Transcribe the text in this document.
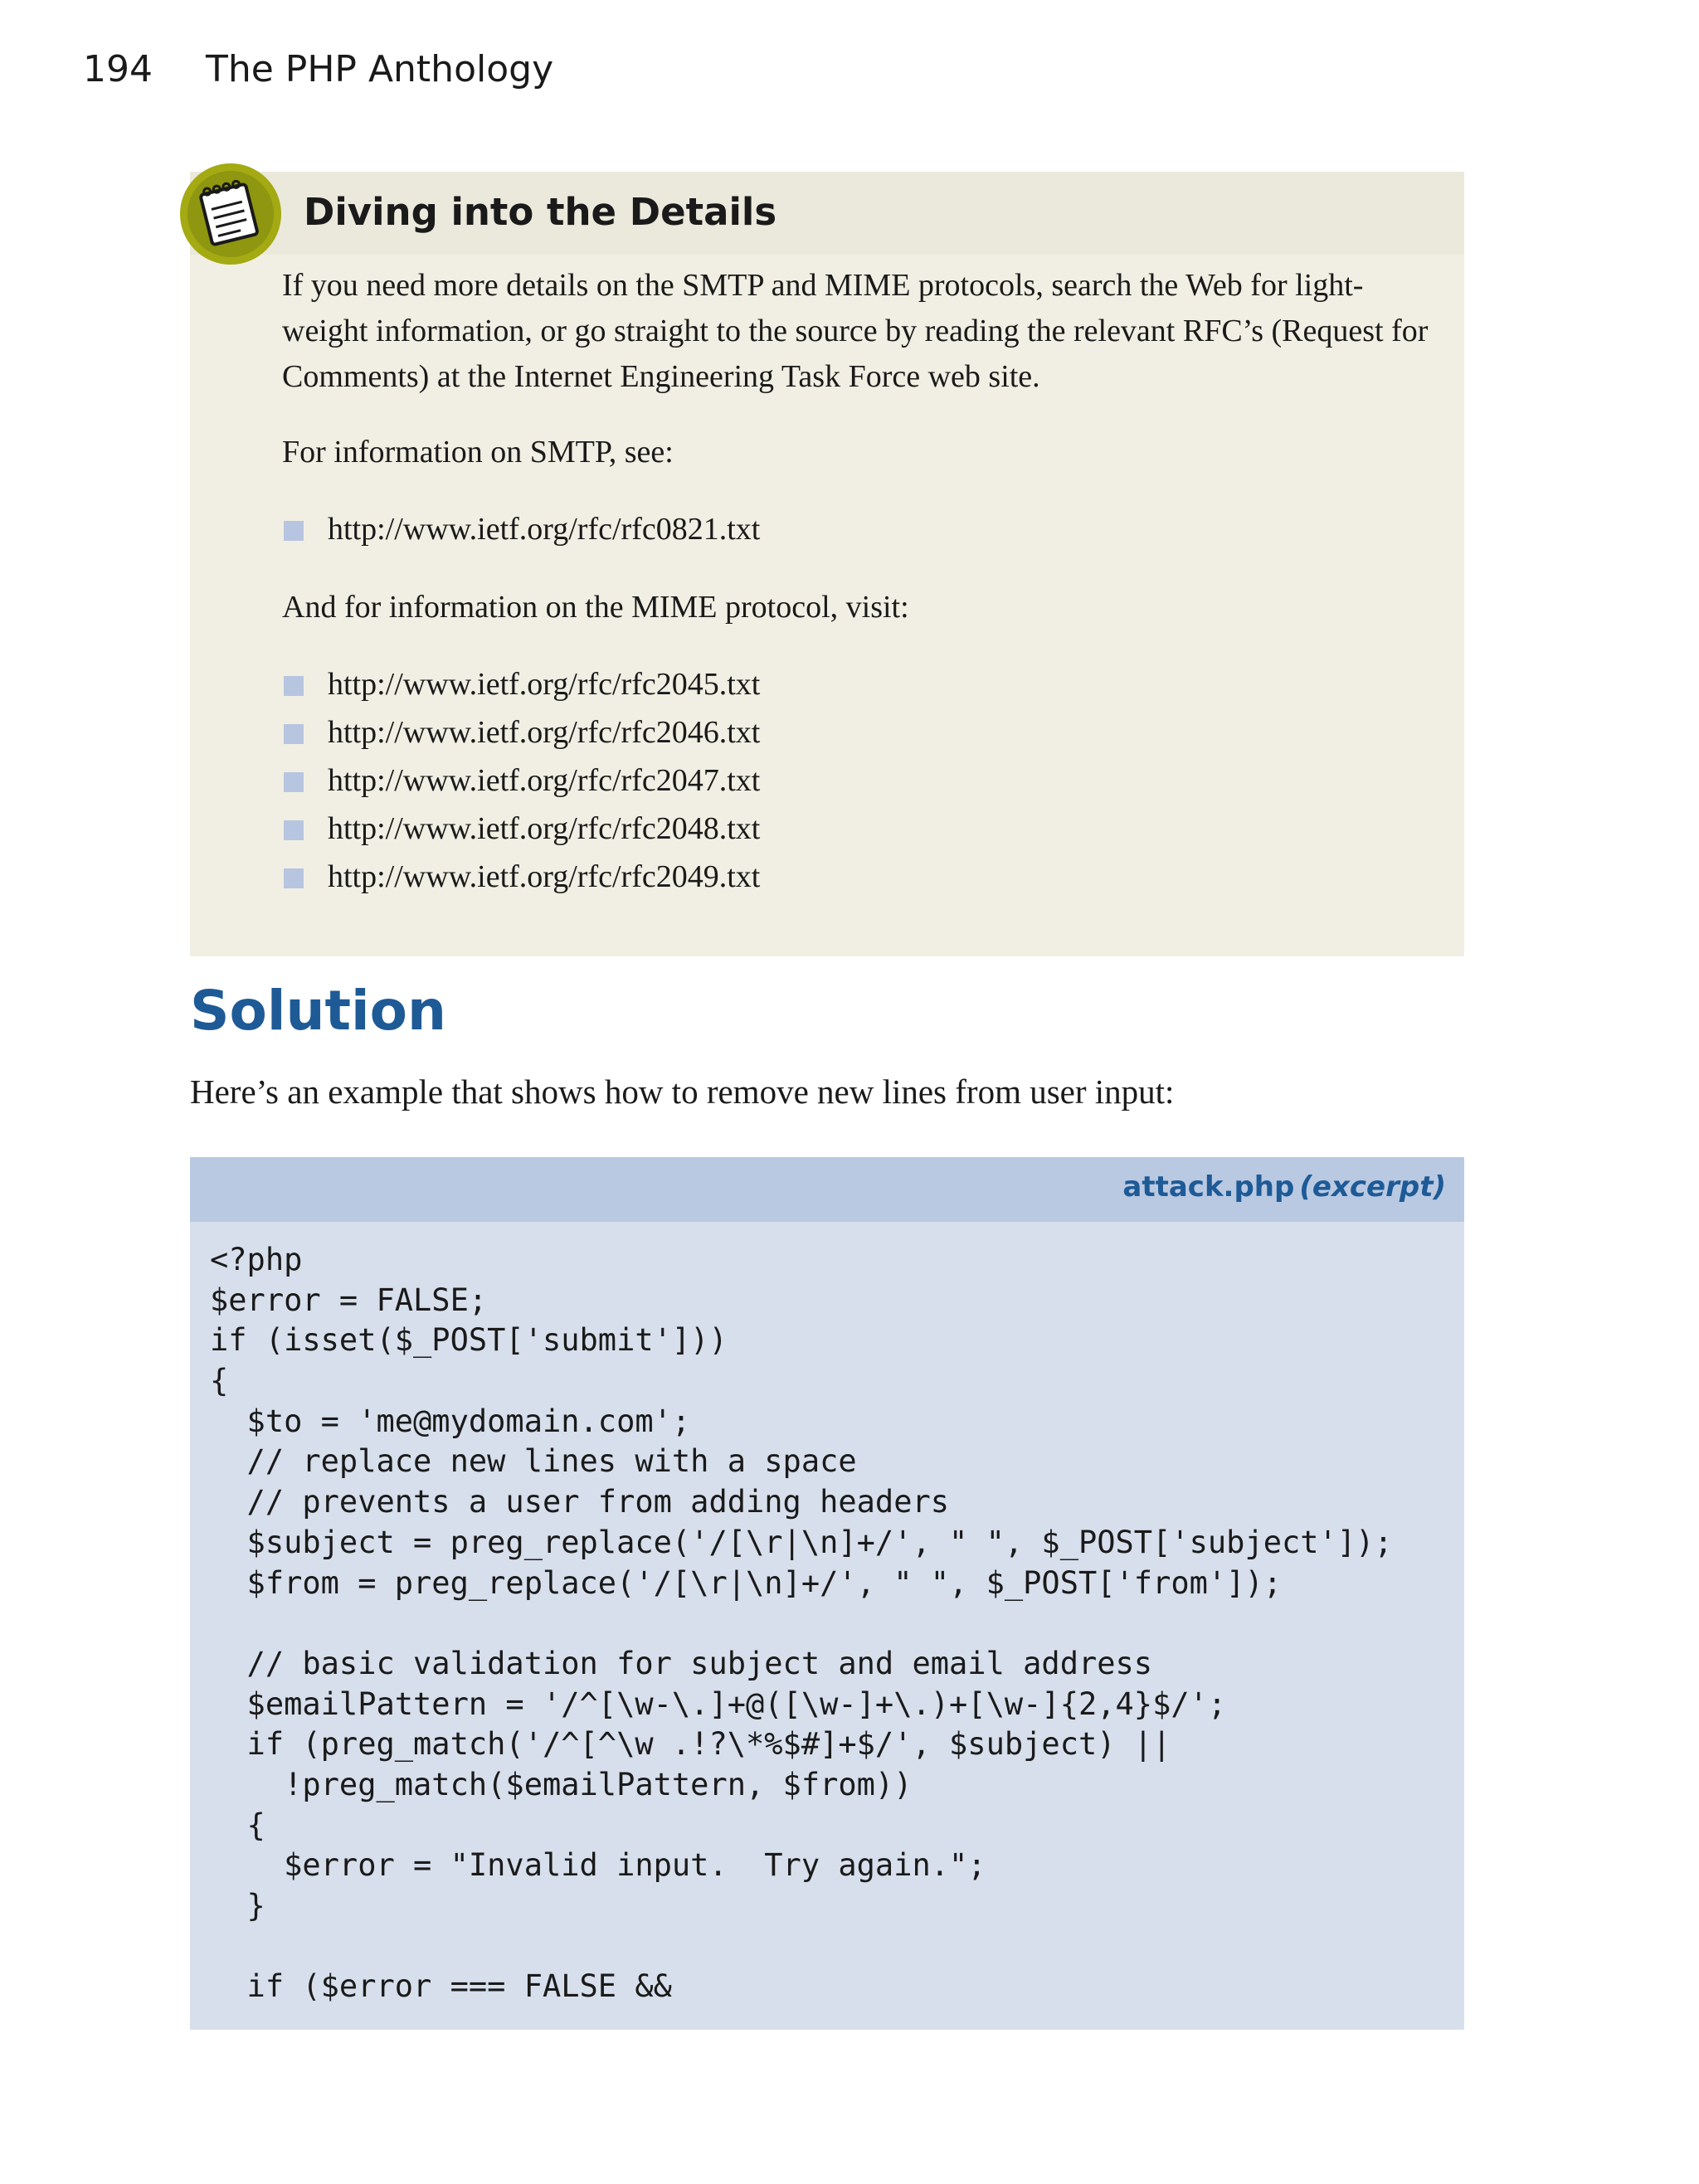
194 The PHP Anthology
Diving into the Details

If you need more details on the SMTP and MIME protocols, search the Web for light-weight information, or go straight to the source by reading the relevant RFC’s (Request for Comments) at the Internet Engineering Task Force web site.

For information on SMTP, see:

http://www.ietf.org/rfc/rfc0821.txt

And for information on the MIME protocol, visit:

http://www.ietf.org/rfc/rfc2045.txt
http://www.ietf.org/rfc/rfc2046.txt
http://www.ietf.org/rfc/rfc2047.txt
http://www.ietf.org/rfc/rfc2048.txt
http://www.ietf.org/rfc/rfc2049.txt
Solution
Here’s an example that shows how to remove new lines from user input:
attack.php (excerpt)
<?php
$error = FALSE;
if (isset($_POST['submit']))
{
$to = 'me@mydomain.com';
// replace new lines with a space
// prevents a user from adding headers
$subject = preg_replace('/[\r|\n]+/', " ", $_POST['subject']);
$from = preg_replace('/[\r|\n]+/', " ", $_POST['from']);
// basic validation for subject and email address
$emailPattern = '/^[\w-\.]+@([\w-]+\.)+[\w-]{2,4}$/';
if (preg_match('/^[^\w .!?\*%$#]+$/', $subject) ||
!preg_match($emailPattern, $from))
{
$error = "Invalid input.  Try again.";
}
if ($error === FALSE &&
